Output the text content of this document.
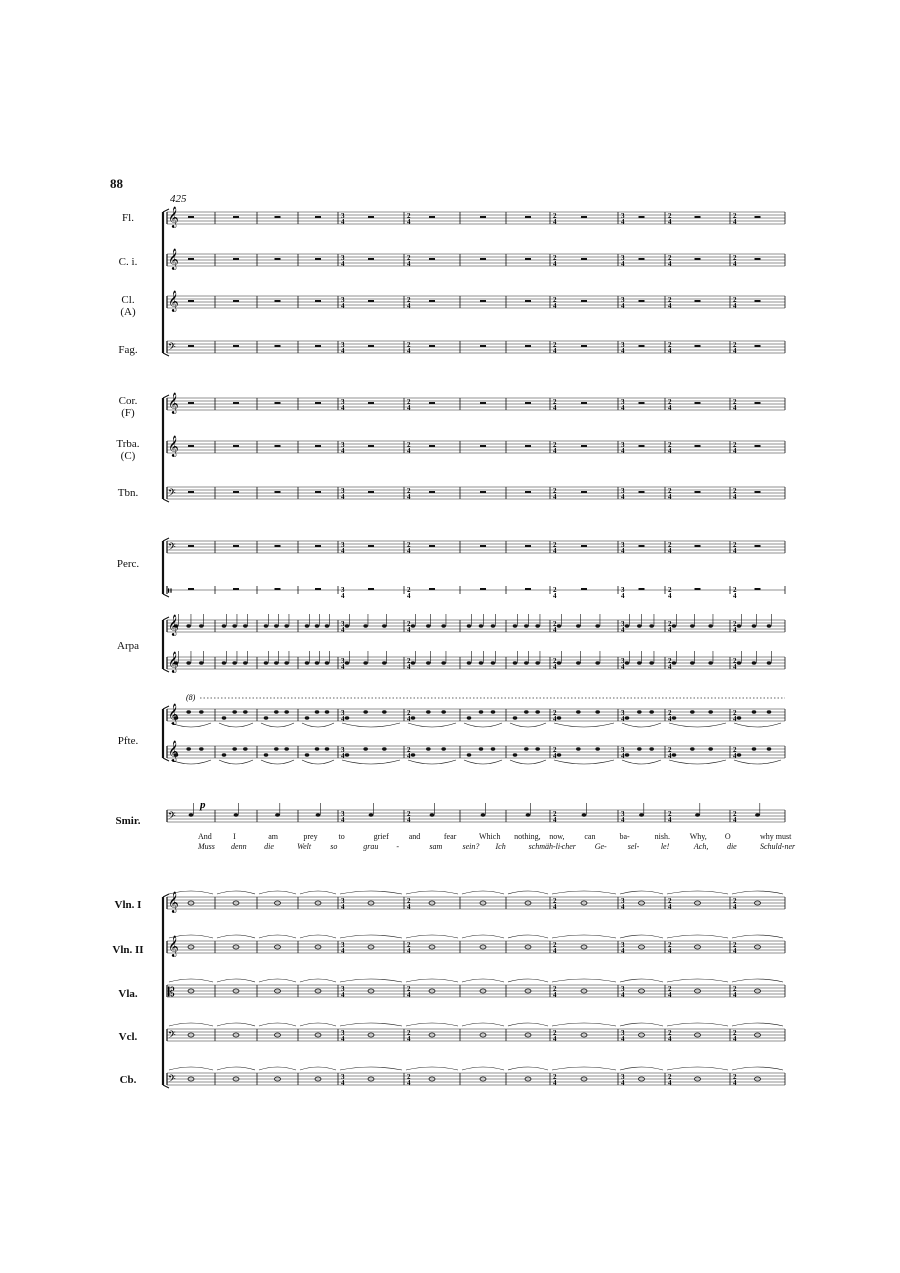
88
425
Fl.
C. i.
Cl.
(A)
Fag.
Cor.
(F)
Trba.
(C)
Tbn.
Perc.
Arpa
Pfte.
Smir.
Vln. I
Vln. II
Vla.
Vcl.
Cb.
3
4
2
4
2
4
3
4
2
4
2
4
𝄞
3
4
2
4
2
4
3
4
2
4
2
4
𝄞
3
4
2
4
2
4
3
4
2
4
2
4
𝄞
3
4
2
4
2
4
3
4
2
4
2
4
𝄢
3
4
2
4
2
4
3
4
2
4
2
4
𝄞
3
4
2
4
2
4
3
4
2
4
2
4
𝄞
3
4
2
4
2
4
3
4
2
4
2
4
𝄢
3
4
2
4
2
4
3
4
2
4
2
4
𝄢
3
4
2
4
2
4
3
4
2
4
2
4
𝄥
3
4
2
4
2
4
3
4
2
4
2
4
𝄞
3
4
2
4
2
4
3
4
2
4
2
4
𝄞
3
4
2
4
2
4
3
4
2
4
2
4
𝄞
3
4
2
4
2
4
3
4
2
4
2
4
𝄞
3
4
2
4
2
4
3
4
2
4
2
4
𝄢
3
4
2
4
2
4
3
4
2
4
2
4
𝄞
3
4
2
4
2
4
3
4
2
4
2
4
𝄞
3
4
2
4
2
4
3
4
2
4
2
4
𝄡
3
4
2
4
2
4
3
4
2
4
2
4
𝄢
3
4
2
4
2
4
3
4
2
4
2
4
𝄢
(8)
p
And	I	am	prey	to	grief	and	fear	Which nothing, now, can	ba-	nish. Why, O	why must
Muss denn die	Welt so	grau -	sam	sein? Ich	schmäh-li-
cher Ge-	sel-	le!	Ach, die	Schuld-ner
